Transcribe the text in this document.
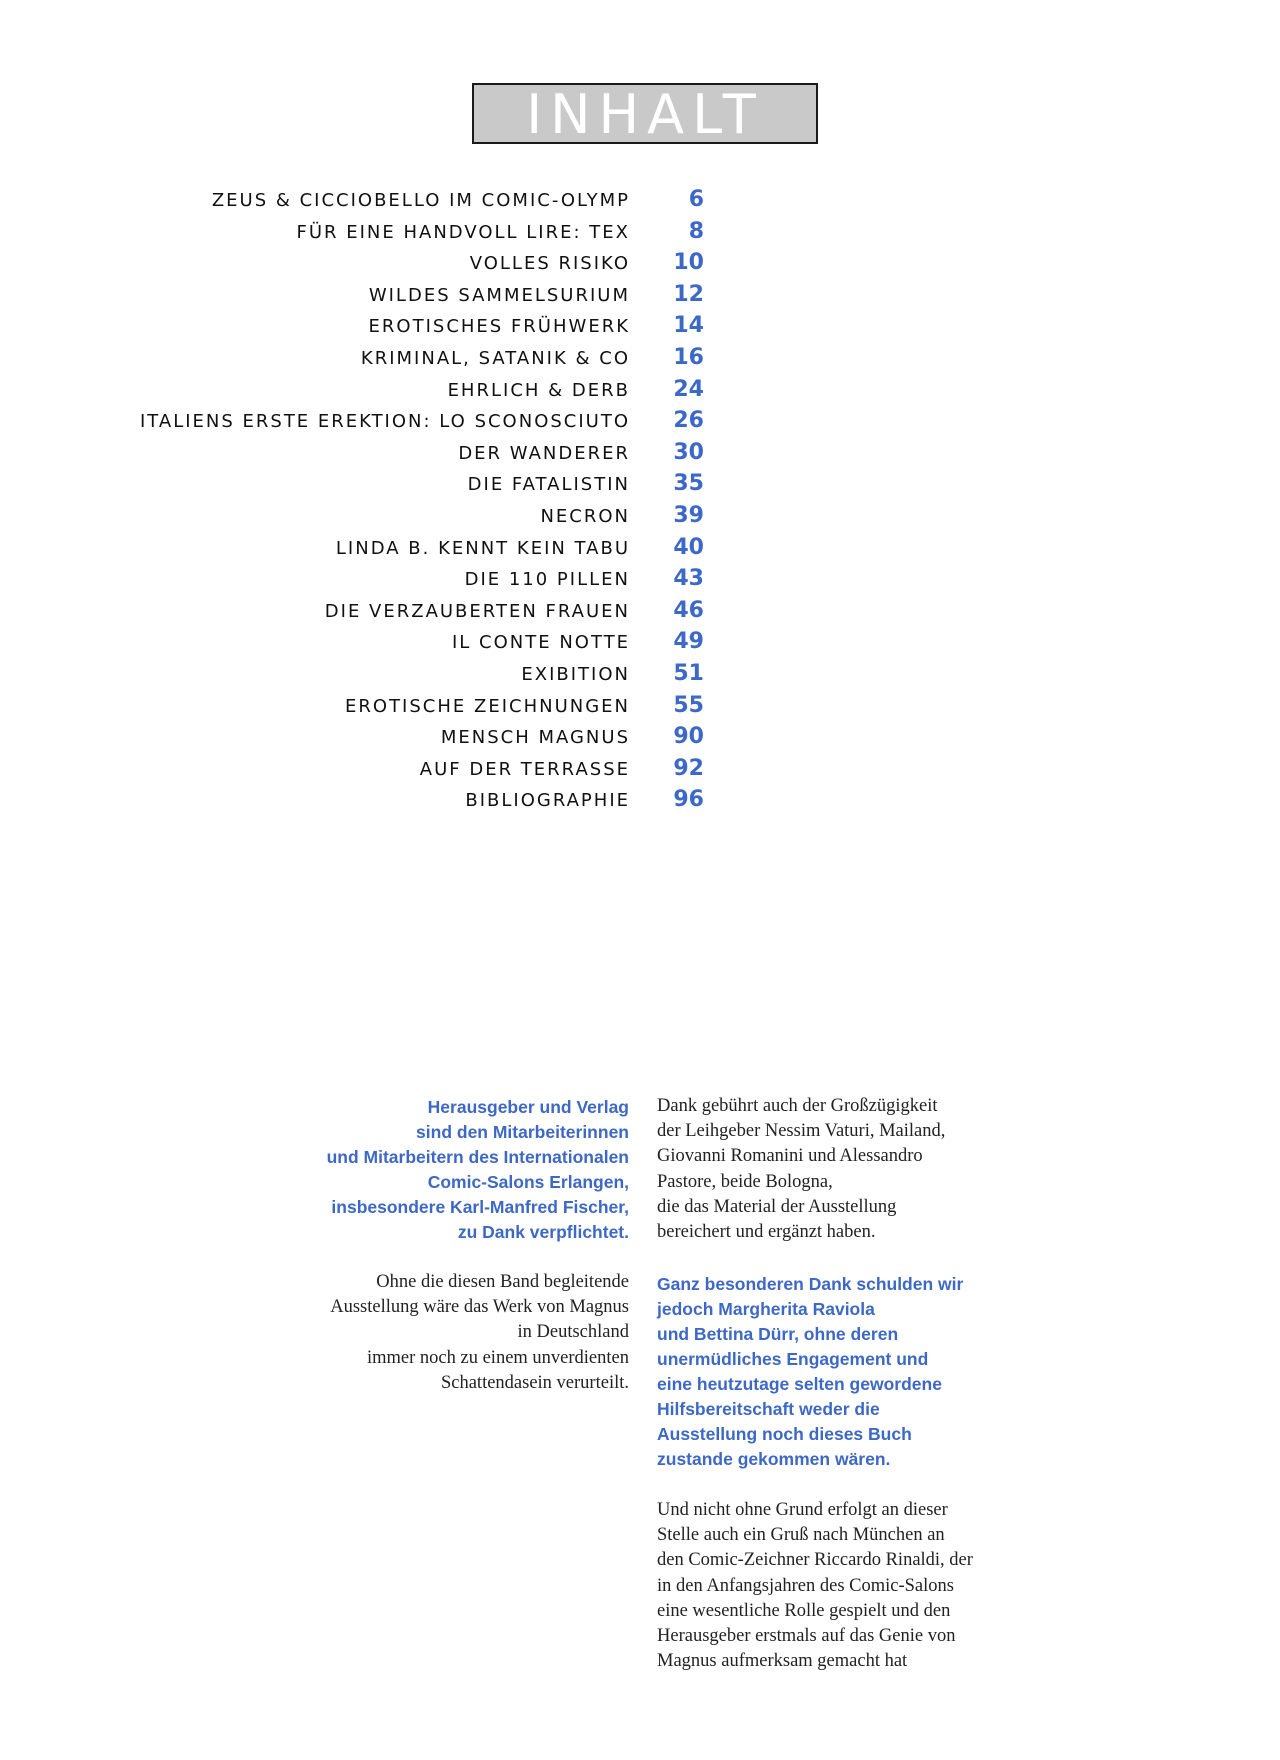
INHALT
ZEUS & CICCIOBELLO IM COMIC-OLYMP	6
FÜR EINE HANDVOLL LIRE: TEX	8
VOLLES RISIKO	10
WILDES SAMMELSURIUM	12
EROTISCHES FRÜHWERK	14
KRIMINAL, SATANIK & CO	16
EHRLICH & DERB	24
ITALIENS ERSTE EREKTION: LO SCONOSCIUTO	26
DER WANDERER	30
DIE FATALISTIN	35
NECRON	39
LINDA B. KENNT KEIN TABU	40
DIE 110 PILLEN	43
DIE VERZAUBERTEN FRAUEN	46
IL CONTE NOTTE	49
EXIBITION	51
EROTISCHE ZEICHNUNGEN	55
MENSCH MAGNUS	90
AUF DER TERRASSE	92
BIBLIOGRAPHIE	96
Herausgeber und Verlag
sind den Mitarbeiterinnen
und Mitarbeitern des Internationalen
Comic-Salons Erlangen,
insbesondere Karl-Manfred Fischer,
zu Dank verpflichtet.
Ohne die diesen Band begleitende
Ausstellung wäre das Werk von Magnus
in Deutschland
immer noch zu einem unverdienten
Schattendasein verurteilt.
Dank gebührt auch der Großzügigkeit
der Leihgeber Nessim Vaturi, Mailand,
Giovanni Romanini und Alessandro
Pastore, beide Bologna,
die das Material der Ausstellung
bereichert und ergänzt haben.
Ganz besonderen Dank schulden wir
jedoch Margherita Raviola
und Bettina Dürr, ohne deren
unermüdliches Engagement und
eine heutzutage selten gewordene
Hilfsbereitschaft weder die
Ausstellung noch dieses Buch
zustande gekommen wären.
Und nicht ohne Grund erfolgt an dieser
Stelle auch ein Gruß nach München an
den Comic-Zeichner Riccardo Rinaldi, der
in den Anfangsjahren des Comic-Salons
eine wesentliche Rolle gespielt und den
Herausgeber erstmals auf das Genie von
Magnus aufmerksam gemacht hat
